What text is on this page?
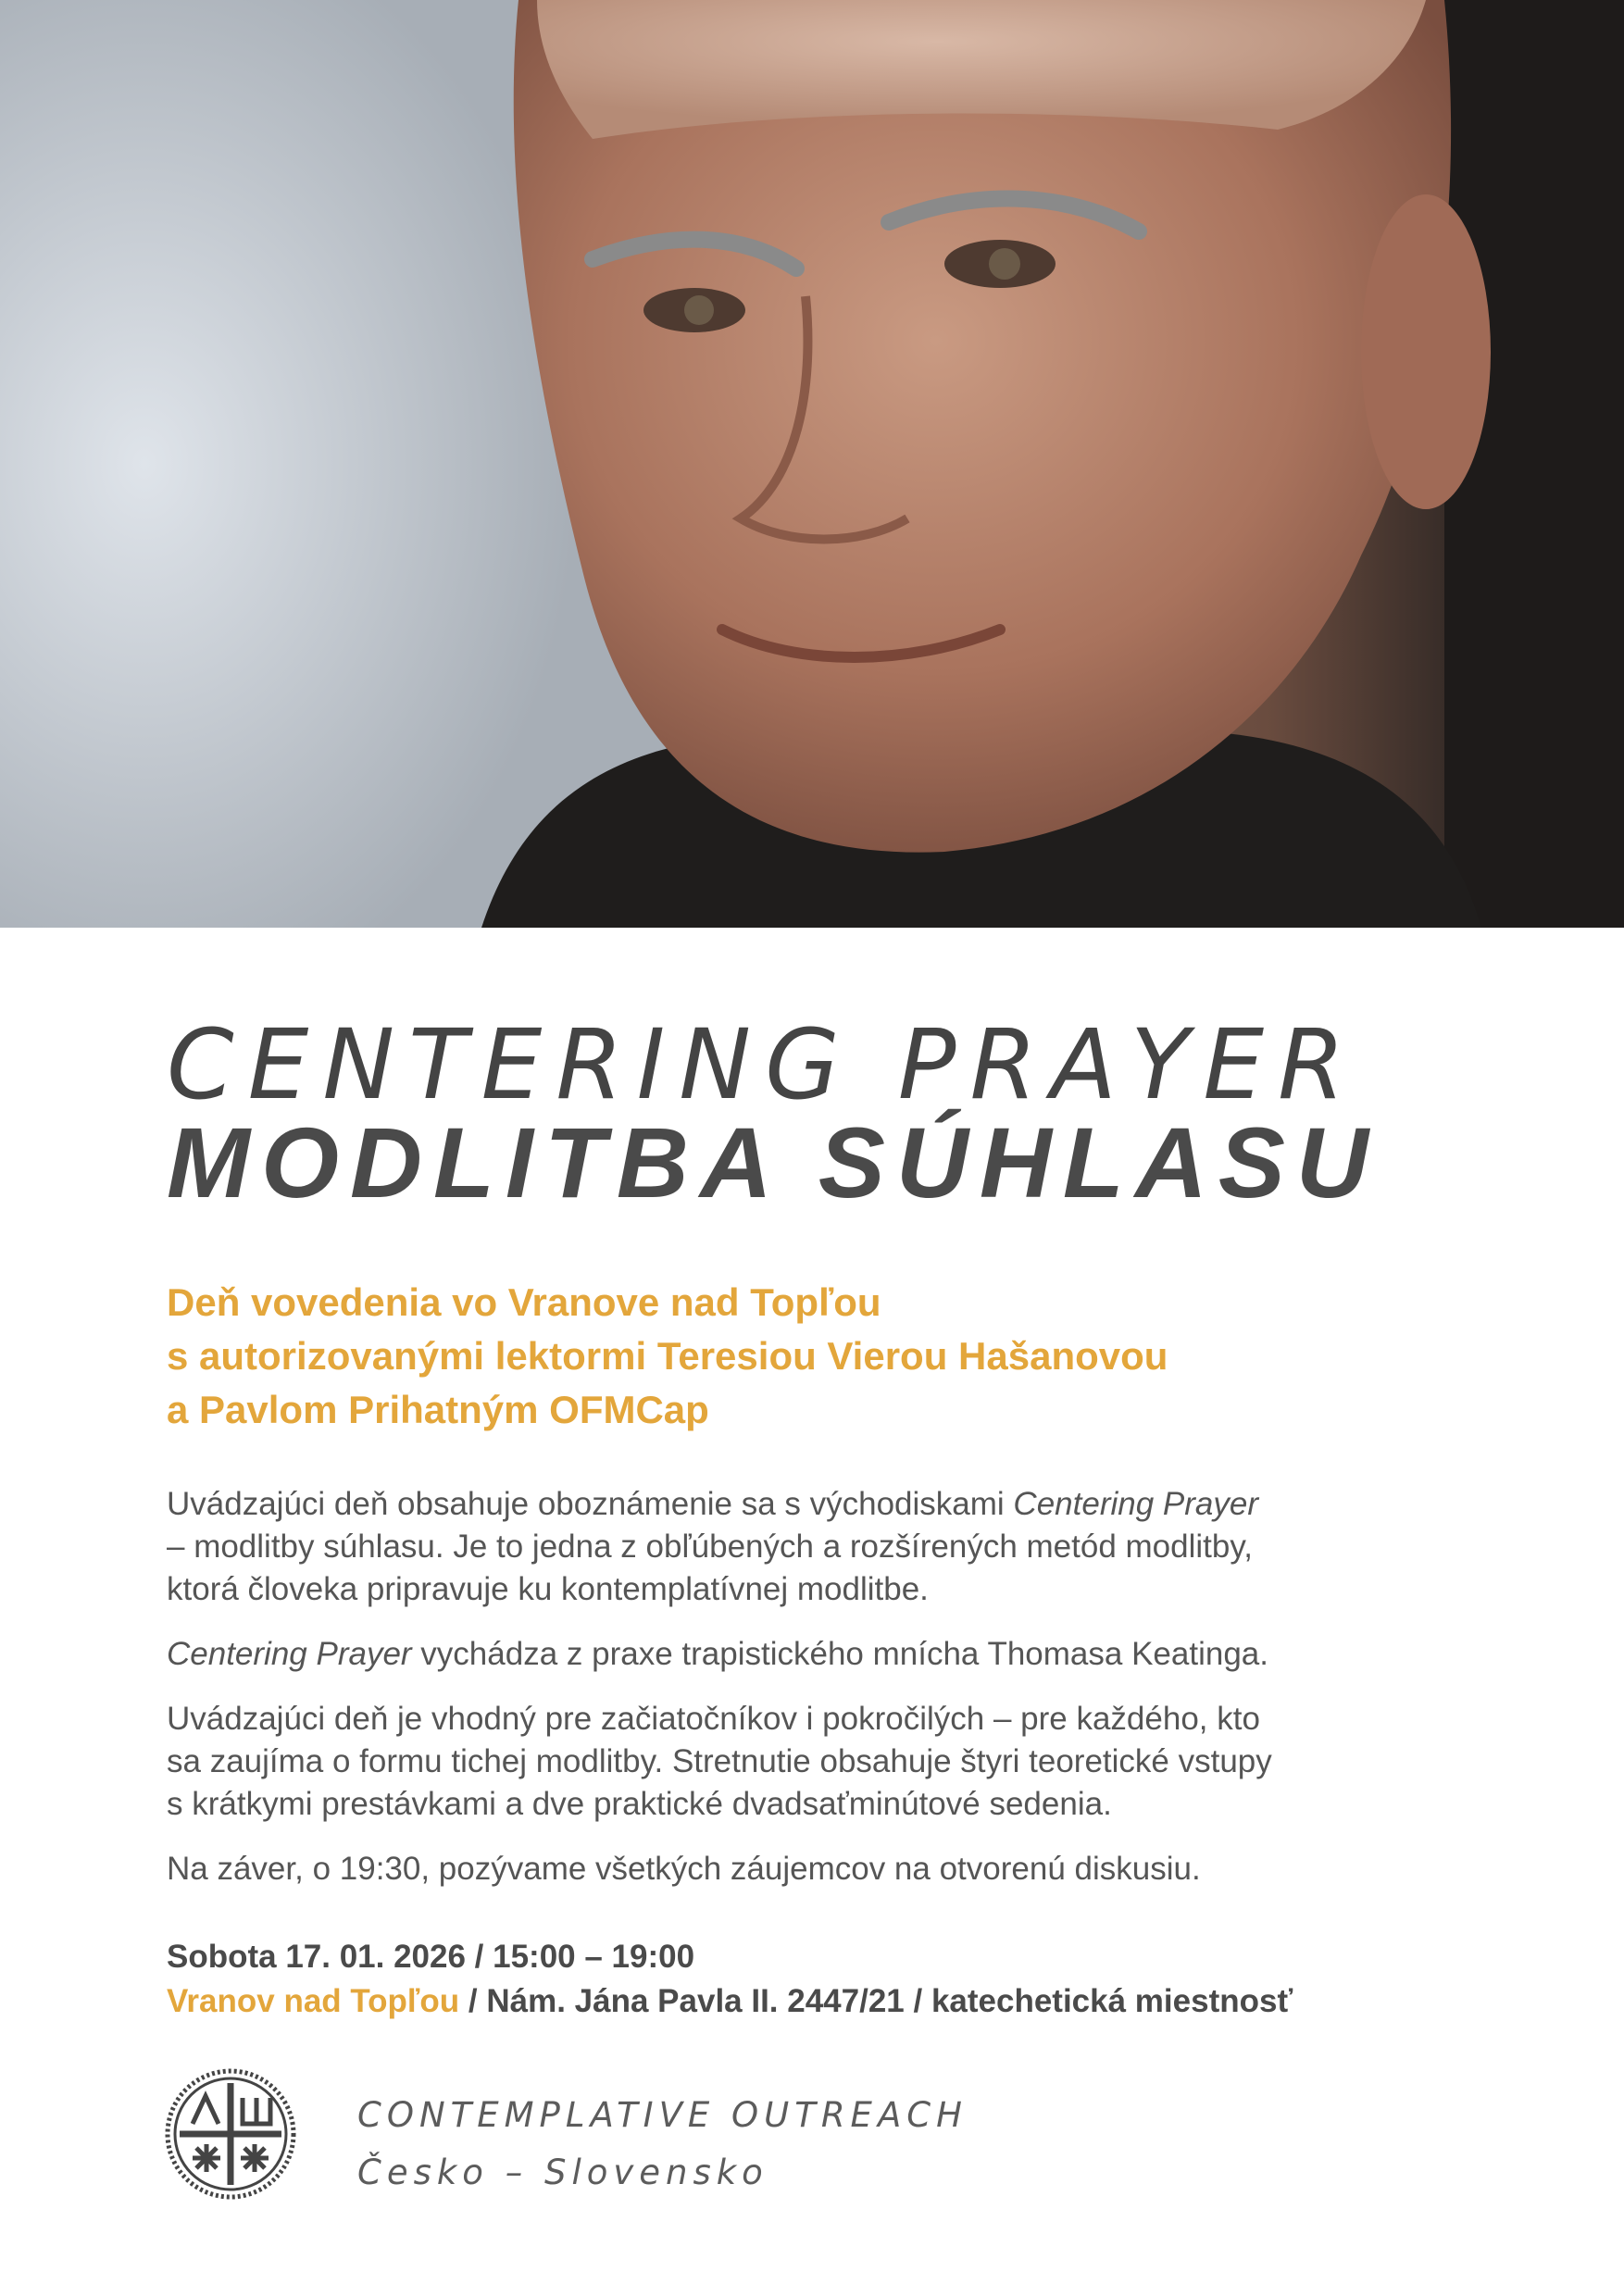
CENTERING PRAYER
MODLITBA SÚHLASU
Deň vovedenia vo Vranove nad Topľou
s autorizovanými lektormi Teresiou Vierou Hašanovou
a Pavlom Prihatným OFMCap

Uvádzajúci deň obsahuje oboznámenie sa s východiskami Centering Prayer
– modlitby súhlasu. Je to jedna z obľúbených a rozšírených metód modlitby,
ktorá človeka pripravuje ku kontemplatívnej modlitbe.

Centering Prayer vychádza z praxe trapistického mnícha Thomasa Keatinga.

Uvádzajúci deň je vhodný pre začiatočníkov i pokročilých – pre každého, kto
sa zaujíma o formu tichej modlitby. Stretnutie obsahuje štyri teoretické vstupy
s krátkymi prestávkami a dve praktické dvadsaťminútové sedenia.

Na záver, o 19:30, pozývame všetkých záujemcov na otvorenú diskusiu.

Sobota 17. 01. 2026 / 15:00 – 19:00
Vranov nad Topľou / Nám. Jána Pavla II. 2447/21 / katechetická miestnosť
CONTEMPLATIVE OUTREACH
Česko – Slovensko
